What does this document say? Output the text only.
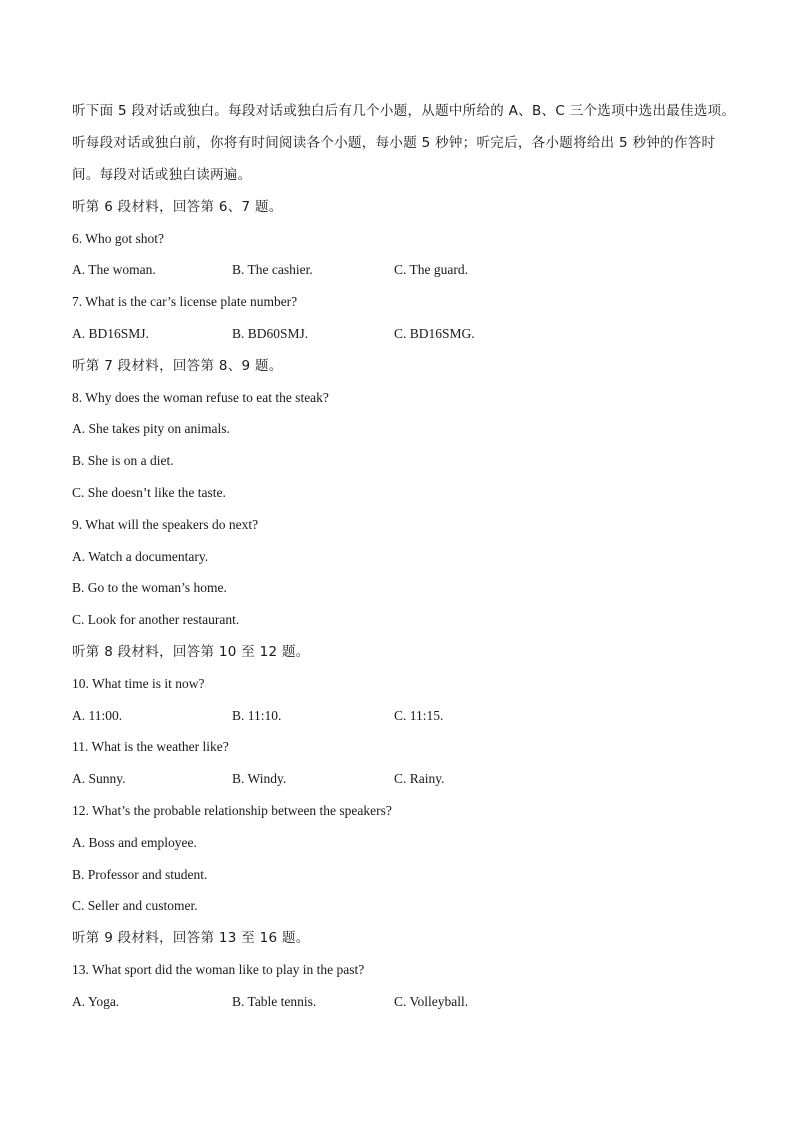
听下面 5 段对话或独白。每段对话或独白后有几个小题，从题中所给的 A、B、C 三个选项中选出最佳选项。
听每段对话或独白前，你将有时间阅读各个小题，每小题 5 秒钟；听完后，各小题将给出 5 秒钟的作答时
间。每段对话或独白读两遍。
听第 6 段材料，回答第 6、7 题。
6. Who got shot?
A. The woman.	B. The cashier.	C. The guard.
7. What is the car’s license plate number?
A. BD16SMJ.	B. BD60SMJ.	C. BD16SMG.
听第 7 段材料，回答第 8、9 题。
8. Why does the woman refuse to eat the steak?
A. She takes pity on animals.
B. She is on a diet.
C. She doesn’t like the taste.
9. What will the speakers do next?
A. Watch a documentary.
B. Go to the woman’s home.
C. Look for another restaurant.
听第 8 段材料，回答第 10 至 12 题。
10. What time is it now?
A. 11:00.	B. 11:10.	C. 11:15.
11. What is the weather like?
A. Sunny.	B. Windy.	C. Rainy.
12. What’s the probable relationship between the speakers?
A. Boss and employee.
B. Professor and student.
C. Seller and customer.
听第 9 段材料，回答第 13 至 16 题。
13. What sport did the woman like to play in the past?
A. Yoga.	B. Table tennis.	C. Volleyball.
